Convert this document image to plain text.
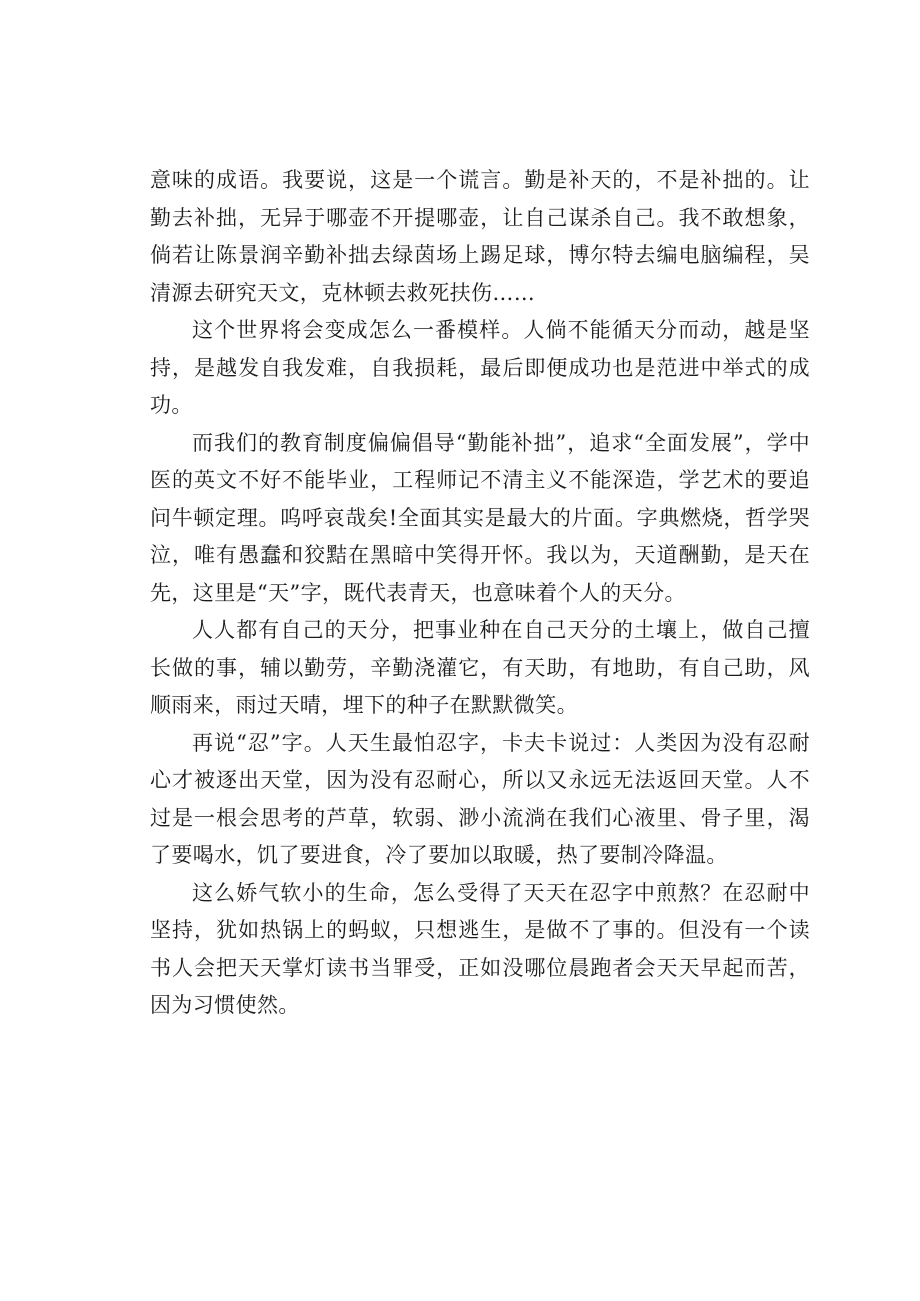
意味的成语。我要说，这是一个谎言。勤是补天的，不是补拙的。让勤去补拙，无异于哪壶不开提哪壶，让自己谋杀自己。我不敢想象，倘若让陈景润辛勤补拙去绿茵场上踢足球，博尔特去编电脑编程，吴清源去研究天文，克林顿去救死扶伤……

这个世界将会变成怎么一番模样。人倘不能循天分而动，越是坚持，是越发自我发难，自我损耗，最后即便成功也是范进中举式的成功。

而我们的教育制度偏偏倡导“勤能补拙”，追求“全面发展”，学中医的英文不好不能毕业，工程师记不清主义不能深造，学艺术的要追问牛顿定理。呜呼哀哉矣!全面其实是最大的片面。字典燃烧，哲学哭泣，唯有愚蠢和狡黠在黑暗中笑得开怀。我以为，天道酬勤，是天在先，这里是“天”字，既代表青天，也意味着个人的天分。

人人都有自己的天分，把事业种在自己天分的土壤上，做自己擅长做的事，辅以勤劳，辛勤浇灌它，有天助，有地助，有自己助，风顺雨来，雨过天晴，埋下的种子在默默微笑。

再说“忍”字。人天生最怕忍字，卡夫卡说过：人类因为没有忍耐心才被逐出天堂，因为没有忍耐心，所以又永远无法返回天堂。人不过是一根会思考的芦草，软弱、渺小流淌在我们心液里、骨子里，渴了要喝水，饥了要进食，冷了要加以取暖，热了要制冷降温。

这么娇气软小的生命，怎么受得了天天在忍字中煎熬？在忍耐中坚持，犹如热锅上的蚂蚁，只想逃生，是做不了事的。但没有一个读书人会把天天掌灯读书当罪受，正如没哪位晨跑者会天天早起而苦，因为习惯使然。
